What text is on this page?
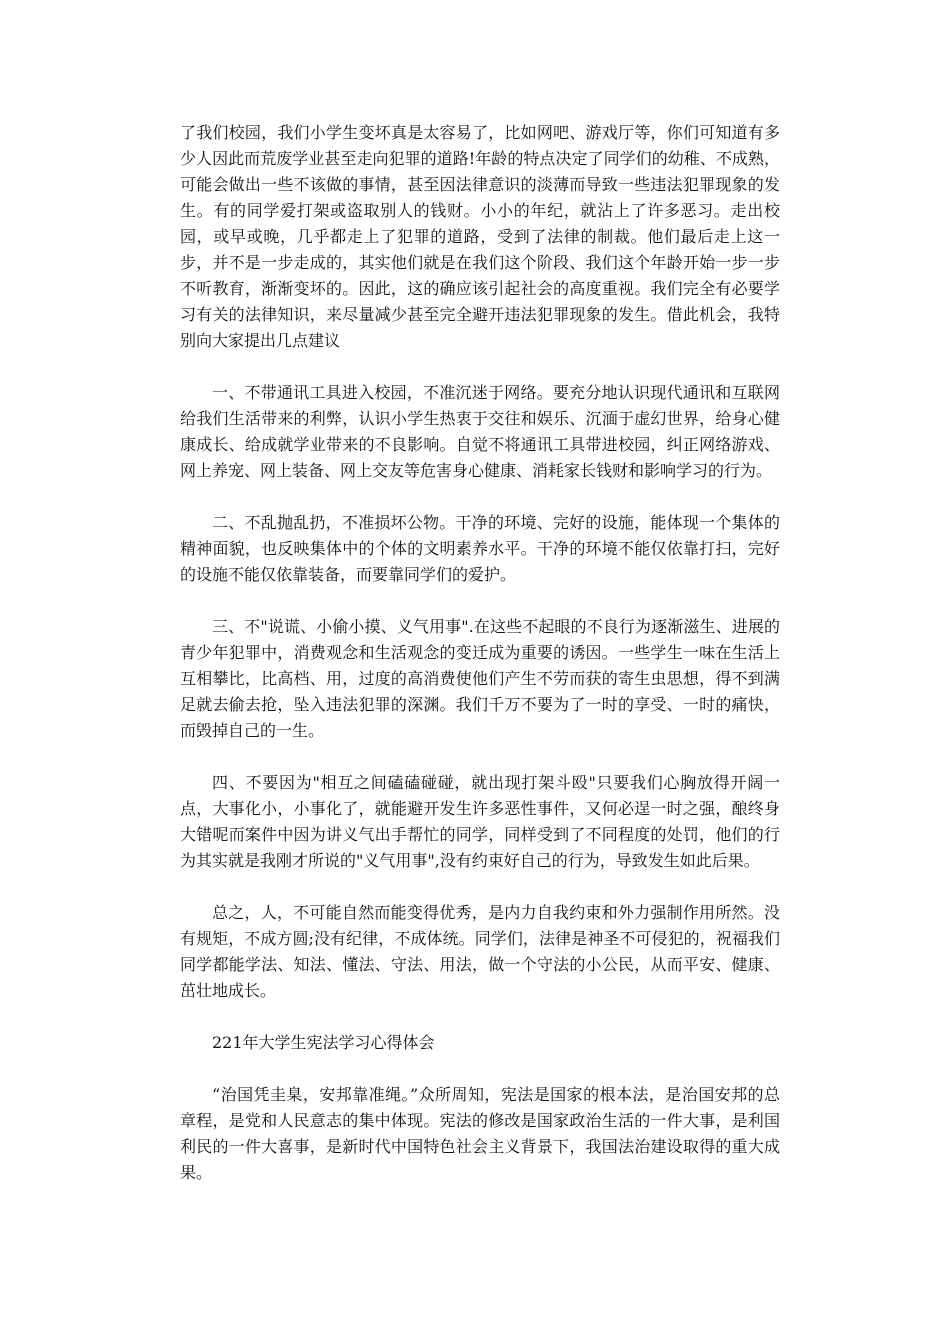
了我们校园，我们小学生变坏真是太容易了，比如网吧、游戏厅等，你们可知道有多少人因此而荒废学业甚至走向犯罪的道路!年龄的特点决定了同学们的幼稚、不成熟，可能会做出一些不该做的事情，甚至因法律意识的淡薄而导致一些违法犯罪现象的发生。有的同学爱打架或盗取别人的钱财。小小的年纪，就沾上了许多恶习。走出校园，或早或晚，几乎都走上了犯罪的道路，受到了法律的制裁。他们最后走上这一步，并不是一步走成的，其实他们就是在我们这个阶段、我们这个年龄开始一步一步不听教育，渐渐变坏的。因此，这的确应该引起社会的高度重视。我们完全有必要学习有关的法律知识，来尽量减少甚至完全避开违法犯罪现象的发生。借此机会，我特别向大家提出几点建议

一、不带通讯工具进入校园，不准沉迷于网络。要充分地认识现代通讯和互联网给我们生活带来的利弊，认识小学生热衷于交往和娱乐、沉湎于虚幻世界，给身心健康成长、给成就学业带来的不良影响。自觉不将通讯工具带进校园，纠正网络游戏、网上养宠、网上装备、网上交友等危害身心健康、消耗家长钱财和影响学习的行为。

二、不乱抛乱扔，不准损坏公物。干净的环境、完好的设施，能体现一个集体的精神面貌，也反映集体中的个体的文明素养水平。干净的环境不能仅依靠打扫，完好的设施不能仅依靠装备，而要靠同学们的爱护。

三、不"说谎、小偷小摸、义气用事".在这些不起眼的不良行为逐渐滋生、进展的青少年犯罪中，消费观念和生活观念的变迁成为重要的诱因。一些学生一味在生活上互相攀比，比高档、用，过度的高消费使他们产生不劳而获的寄生虫思想，得不到满足就去偷去抢，坠入违法犯罪的深渊。我们千万不要为了一时的享受、一时的痛快，而毁掉自己的一生。

四、不要因为"相互之间磕磕碰碰，就出现打架斗殴"只要我们心胸放得开阔一点，大事化小，小事化了，就能避开发生许多恶性事件，又何必逞一时之强，酿终身大错呢而案件中因为讲义气出手帮忙的同学，同样受到了不同程度的处罚，他们的行为其实就是我刚才所说的"义气用事",没有约束好自己的行为，导致发生如此后果。

总之，人，不可能自然而能变得优秀，是内力自我约束和外力强制作用所然。没有规矩，不成方圆;没有纪律，不成体统。同学们，法律是神圣不可侵犯的，祝福我们同学都能学法、知法、懂法、守法、用法，做一个守法的小公民，从而平安、健康、茁壮地成长。

221年大学生宪法学习心得体会

“治国凭圭臬，安邦靠准绳。”众所周知，宪法是国家的根本法，是治国安邦的总章程，是党和人民意志的集中体现。宪法的修改是国家政治生活的一件大事，是利国利民的一件大喜事，是新时代中国特色社会主义背景下，我国法治建设取得的重大成果。
